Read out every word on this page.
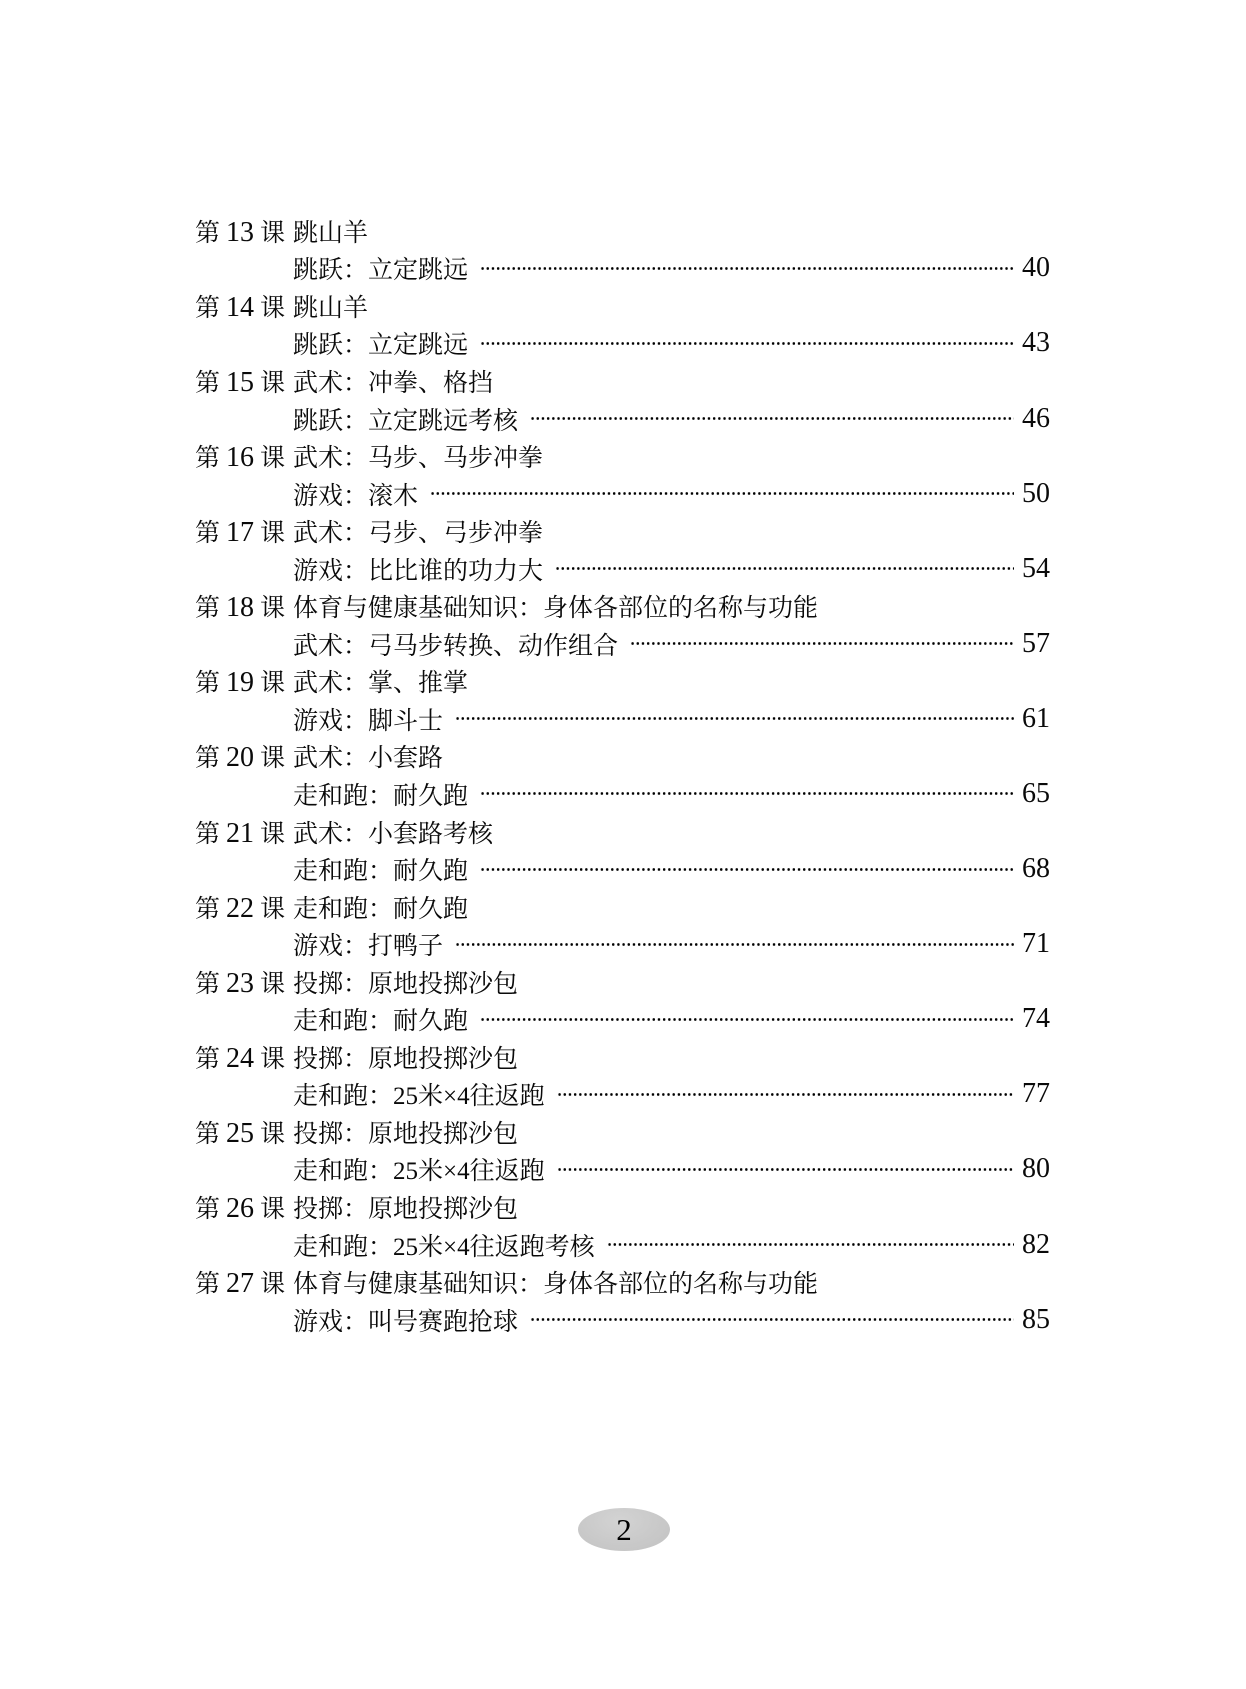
第 13 课 跳山羊
跳跃：立定跳远	40
第 14 课 跳山羊
跳跃：立定跳远	43
第 15 课 武术：冲拳、格挡
跳跃：立定跳远考核	46
第 16 课 武术：马步、马步冲拳
游戏：滚木	50
第 17 课 武术：弓步、弓步冲拳
游戏：比比谁的功力大	54
第 18 课 体育与健康基础知识：身体各部位的名称与功能
武术：弓马步转换、动作组合	57
第 19 课 武术：掌、推掌
游戏：脚斗士	61
第 20 课 武术：小套路
走和跑：耐久跑	65
第 21 课 武术：小套路考核
走和跑：耐久跑	68
第 22 课 走和跑：耐久跑
游戏：打鸭子	71
第 23 课 投掷：原地投掷沙包
走和跑：耐久跑	74
第 24 课 投掷：原地投掷沙包
走和跑：25米×4往返跑	77
第 25 课 投掷：原地投掷沙包
走和跑：25米×4往返跑	80
第 26 课 投掷：原地投掷沙包
走和跑：25米×4往返跑考核	82
第 27 课 体育与健康基础知识：身体各部位的名称与功能
游戏：叫号赛跑抢球	85
2
